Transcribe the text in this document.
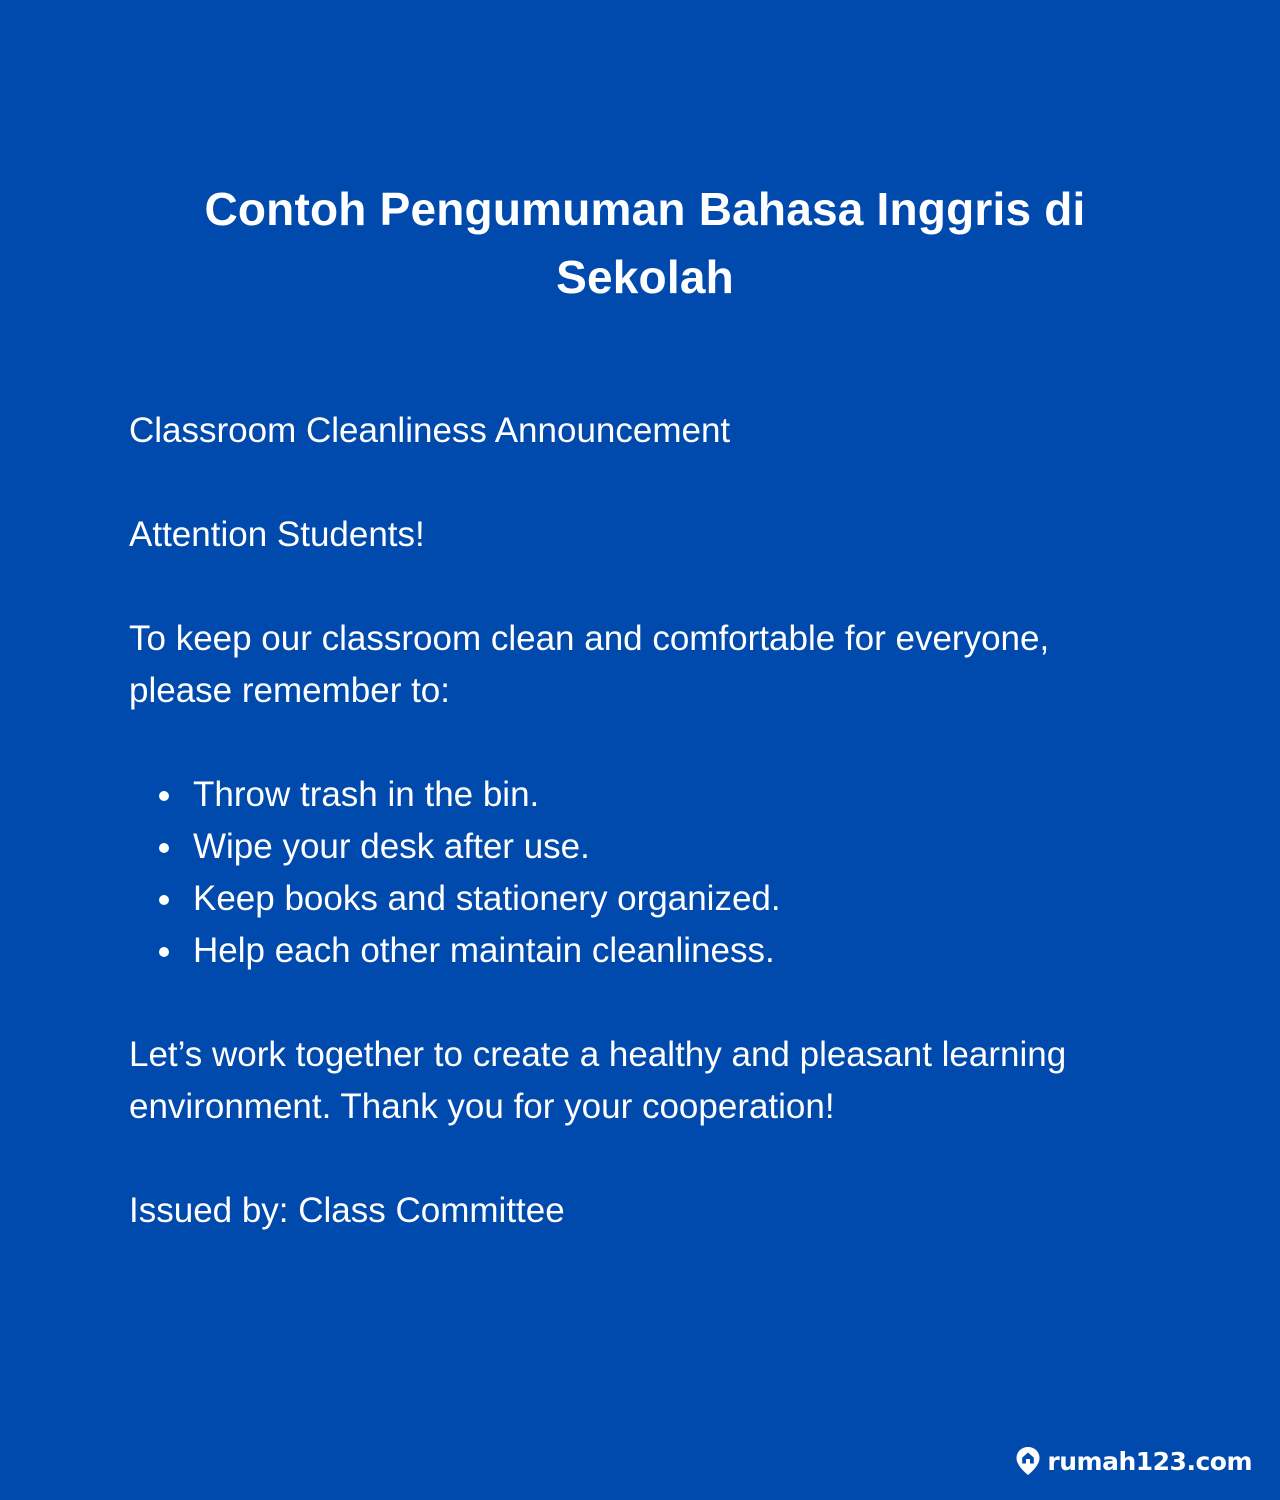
Contoh Pengumuman Bahasa Inggris di Sekolah

Classroom Cleanliness Announcement

Attention Students!

To keep our classroom clean and comfortable for everyone, please remember to:

Throw trash in the bin.
Wipe your desk after use.
Keep books and stationery organized.
Help each other maintain cleanliness.

Let’s work together to create a healthy and pleasant learning environment. Thank you for your cooperation!

Issued by: Class Committee

rumah123.com
